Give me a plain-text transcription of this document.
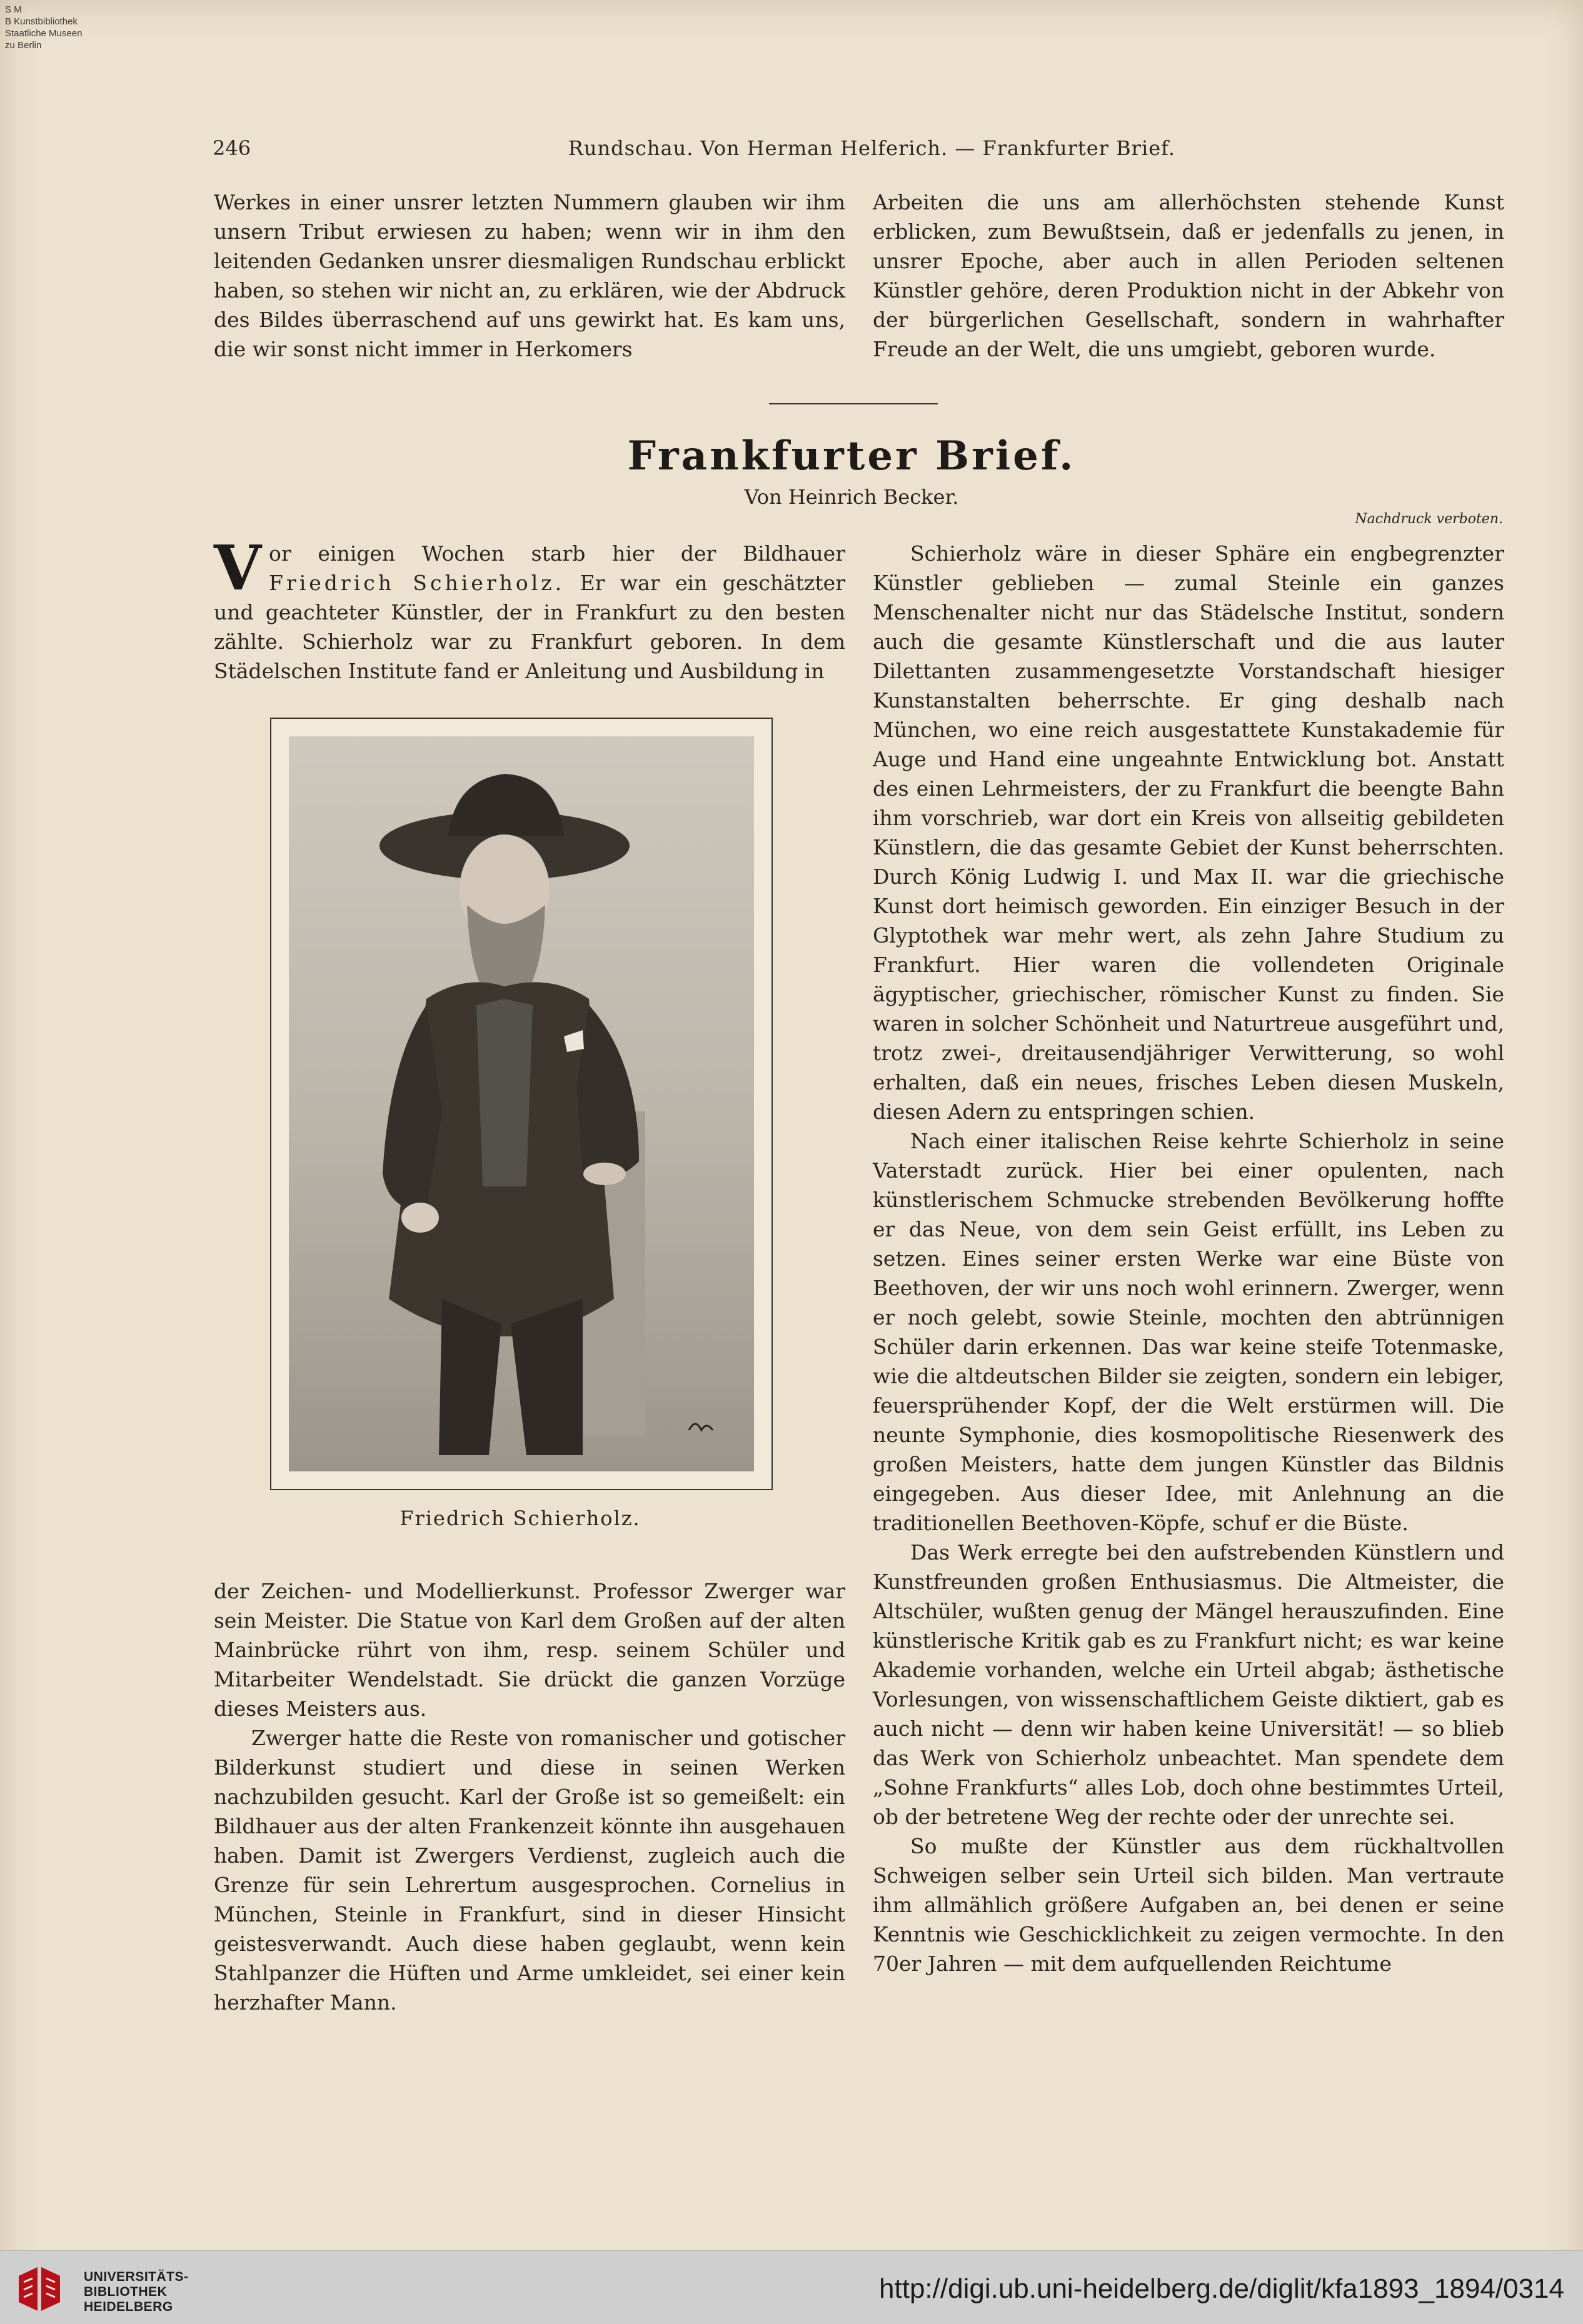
S M
B Kunstbibliothek
Staatliche Museen
zu Berlin
246	Rundschau. Von Herman Helferich. — Frankfurter Brief.

Werkes in einer unsrer letzten Nummern glauben wir ihm unsern Tribut erwiesen zu haben; wenn wir in ihm den leitenden Gedanken unsrer diesmaligen Rundschau erblickt haben, so stehen wir nicht an, zu erklären, wie der Abdruck des Bildes überraschend auf uns gewirkt hat. Es kam uns, die wir sonst nicht immer in Herkomers

Arbeiten die uns am allerhöchsten stehende Kunst erblicken, zum Bewußtsein, daß er jedenfalls zu jenen, in unsrer Epoche, aber auch in allen Perioden seltenen Künstler gehöre, deren Produktion nicht in der Abkehr von der bürgerlichen Gesellschaft, sondern in wahrhafter Freude an der Welt, die uns umgiebt, geboren wurde.

Frankfurter Brief.
Von Heinrich Becker.
Nachdruck verboten.

Vor einigen Wochen starb hier der Bildhauer Friedrich Schierholz. Er war ein geschätzter und geachteter Künstler, der in Frankfurt zu den besten zählte. Schierholz war zu Frankfurt geboren. In dem Städelschen Institute fand er Anleitung und Ausbildung in

Friedrich Schierholz.

der Zeichen- und Modellierkunst. Professor Zwerger war sein Meister. Die Statue von Karl dem Großen auf der alten Mainbrücke rührt von ihm, resp. seinem Schüler und Mitarbeiter Wendelstadt. Sie drückt die ganzen Vorzüge dieses Meisters aus.

Zwerger hatte die Reste von romanischer und gotischer Bilderkunst studiert und diese in seinen Werken nachzubilden gesucht. Karl der Große ist so gemeißelt: ein Bildhauer aus der alten Frankenzeit könnte ihn ausgehauen haben. Damit ist Zwergers Verdienst, zugleich auch die Grenze für sein Lehrertum ausgesprochen. Cornelius in München, Steinle in Frankfurt, sind in dieser Hinsicht geistesverwandt. Auch diese haben geglaubt, wenn kein Stahlpanzer die Hüften und Arme umkleidet, sei einer kein herzhafter Mann.

Schierholz wäre in dieser Sphäre ein engbegrenzter Künstler geblieben — zumal Steinle ein ganzes Menschenalter nicht nur das Städelsche Institut, sondern auch die gesamte Künstlerschaft und die aus lauter Dilettanten zusammengesetzte Vorstandschaft hiesiger Kunstanstalten beherrschte. Er ging deshalb nach München, wo eine reich ausgestattete Kunstakademie für Auge und Hand eine ungeahnte Entwicklung bot. Anstatt des einen Lehrmeisters, der zu Frankfurt die beengte Bahn ihm vorschrieb, war dort ein Kreis von allseitig gebildeten Künstlern, die das gesamte Gebiet der Kunst beherrschten. Durch König Ludwig I. und Max II. war die griechische Kunst dort heimisch geworden. Ein einziger Besuch in der Glyptothek war mehr wert, als zehn Jahre Studium zu Frankfurt. Hier waren die vollendeten Originale ägyptischer, griechischer, römischer Kunst zu finden. Sie waren in solcher Schönheit und Naturtreue ausgeführt und, trotz zwei-, dreitausendjähriger Verwitterung, so wohl erhalten, daß ein neues, frisches Leben diesen Muskeln, diesen Adern zu entspringen schien.

Nach einer italischen Reise kehrte Schierholz in seine Vaterstadt zurück. Hier bei einer opulenten, nach künstlerischem Schmucke strebenden Bevölkerung hoffte er das Neue, von dem sein Geist erfüllt, ins Leben zu setzen. Eines seiner ersten Werke war eine Büste von Beethoven, der wir uns noch wohl erinnern. Zwerger, wenn er noch gelebt, sowie Steinle, mochten den abtrünnigen Schüler darin erkennen. Das war keine steife Totenmaske, wie die altdeutschen Bilder sie zeigten, sondern ein lebiger, feuersprühender Kopf, der die Welt erstürmen will. Die neunte Symphonie, dies kosmopolitische Riesenwerk des großen Meisters, hatte dem jungen Künstler das Bildnis eingegeben. Aus dieser Idee, mit Anlehnung an die traditionellen Beethoven-Köpfe, schuf er die Büste.

Das Werk erregte bei den aufstrebenden Künstlern und Kunstfreunden großen Enthusiasmus. Die Altmeister, die Altschüler, wußten genug der Mängel herauszufinden. Eine künstlerische Kritik gab es zu Frankfurt nicht; es war keine Akademie vorhanden, welche ein Urteil abgab; ästhetische Vorlesungen, von wissenschaftlichem Geiste diktiert, gab es auch nicht — denn wir haben keine Universität! — so blieb das Werk von Schierholz unbeachtet. Man spendete dem „Sohne Frankfurts“ alles Lob, doch ohne bestimmtes Urteil, ob der betretene Weg der rechte oder der unrechte sei.

So mußte der Künstler aus dem rückhaltvollen Schweigen selber sein Urteil sich bilden. Man vertraute ihm allmählich größere Aufgaben an, bei denen er seine Kenntnis wie Geschicklichkeit zu zeigen vermochte. In den 70er Jahren — mit dem aufquellenden Reichtume

UNIVERSITÄTS-
BIBLIOTHEK
HEIDELBERG
http://digi.ub.uni-heidelberg.de/diglit/kfa1893_1894/0314
